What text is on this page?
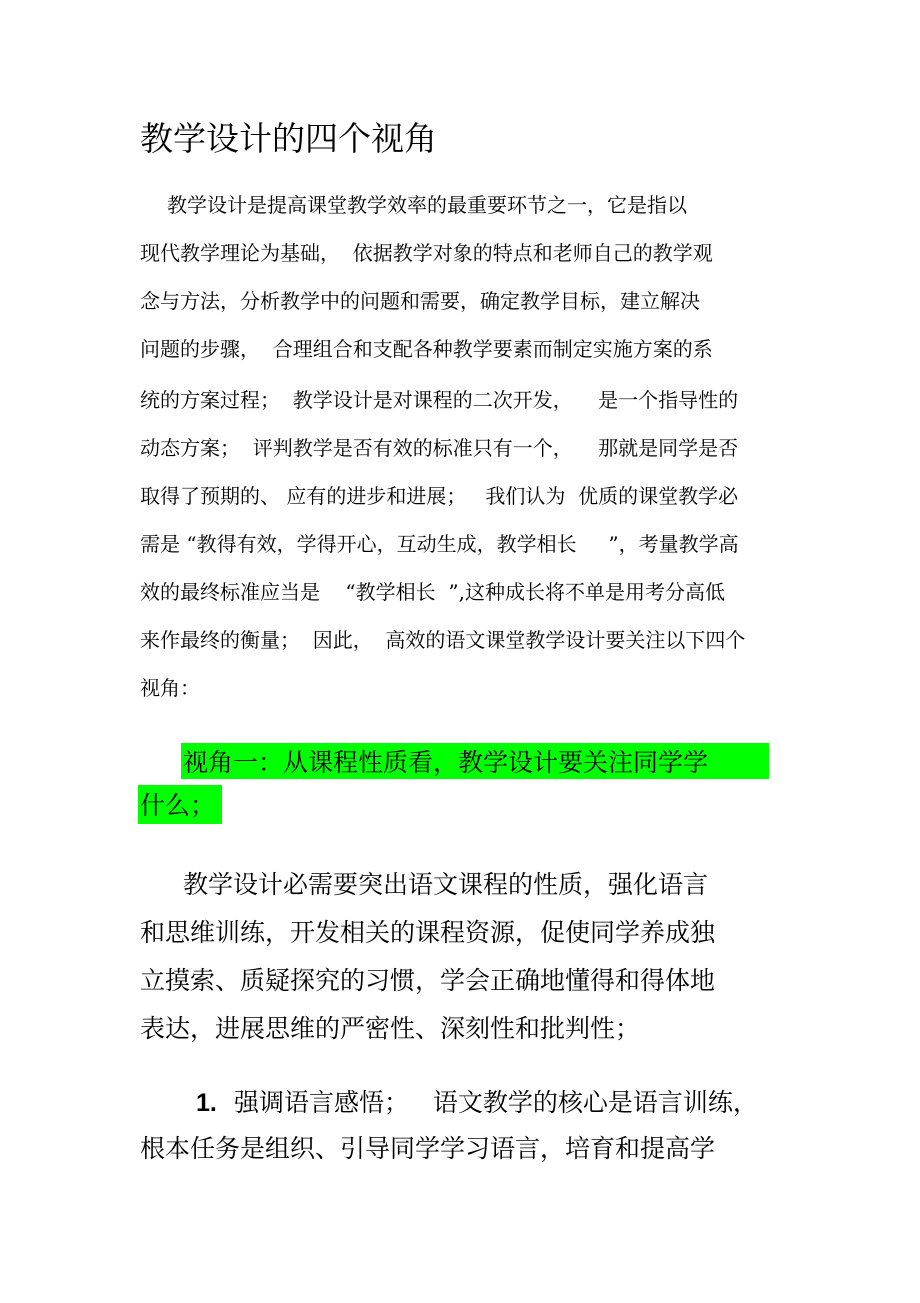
教学设计的四个视角
教学设计是提高课堂教学效率的最重要环节之一，它是指以
现代教学理论为基础，  依据教学对象的特点和老师自己的教学观
念与方法，分析教学中的问题和需要，确定教学目标，建立解决
问题的步骤，  合理组合和支配各种教学要素而制定实施方案的系
统的方案过程；  教学设计是对课程的二次开发，    是一个指导性的
动态方案；  评判教学是否有效的标准只有一个，    那就是同学是否
取得了预期的、 应有的进步和进展；   我们认为  优质的课堂教学必
需是 “教得有效，学得开心，互动生成，教学相长     ”，考量教学高
效的最终标准应当是    “教学相长  ”,这种成长将不单是用考分高低
来作最终的衡量；  因此，  高效的语文课堂教学设计要关注以下四个
视角：
视角一：从课程性质看，教学设计要关注同学学
什么；
教学设计必需要突出语文课程的性质，强化语言
和思维训练，开发相关的课程资源，促使同学养成独
立摸索、质疑探究的习惯，学会正确地懂得和得体地
表达，进展思维的严密性、深刻性和批判性；
1. 强调语言感悟；   语文教学的核心是语言训练，
根本任务是组织、引导同学学习语言，培育和提高学
